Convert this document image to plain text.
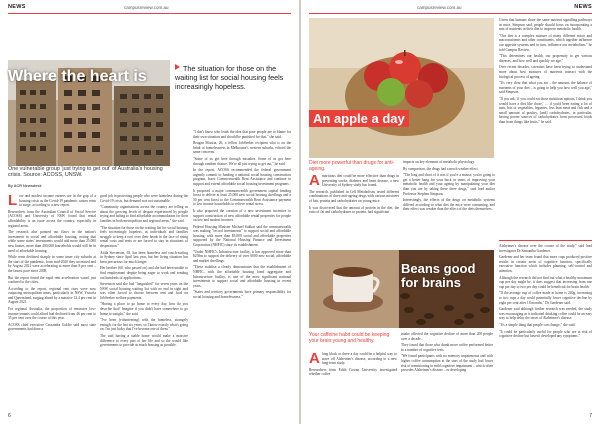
NEWS	campusreview.com.au
Where the heart is
One vulnerable group 'just trying to get out' of Australia's housing crisis. Source: ACOSS, UNSW.
By ACR Newsdesk
The situation for those on the waiting list for social housing feels increasingly hopeless.

Low and modest income earners are in the grip of a housing crisis as the Covid-19 pandemic causes rents to surge, according to a new report.

Researchers from the Australian Council of Social Service (ACOSS) and University of NSW found that rental affordability is an issue across the country, especially in regional areas.

The research also pointed out flaws in the nation's investment in social and affordable housing, noting that while some states' investments would add more than 25,000 new homes, more than 400,000 households would still be in need of affordable housing.

While rents declined sharply in some inner city suburbs at the start of the pandemic, from mid-2020 they increased and by August 2021 were accelerating at more than 8 per cent – the fastest pace since 2008.

But the report found the rapid rent acceleration wasn't just confined to the cities.

According to the report, regional rent rises were now outpacing metropolitan areas, particularly in NSW, Victoria and Queensland, surging ahead by a massive 12.4 per cent in August 2021.

For regional Australia, the proportion of tenancies low-income tenants could afford had declined from 46 per cent to 35 per cent over the course of this year.

ACOSS chief executive Cassandra Goldie said most state governments had done a

good job in protecting people who were homeless during the Covid-19 crisis, but demand was not sustainable.

"Community organisations across the country are telling us about the growing levels of despair experienced by people trying and failing to find affordable accommodation for their families in both metropolitan and regional areas," she said.

"The situation for those on the waiting list for social housing feels increasingly hopeless, as individuals and families struggle to keep a roof over their heads in the face of rising rental costs and rents or are forced to stay in situations of desperation."

Attila Stevenson, 65, has been homeless and couch-surfing in Sydney since April last year, but her living situation has been precarious for much longer.

Her brother (60, who passed on) and she had been unable to find employment despite being eager to work and sending out hundreds of applications.

Stevenson said she had "languished" for seven years on the NSW social housing waiting list with no end in sight and was often forced to choose between rent and food on JobSeeker welfare payments.

"Having a place to go home to every day, how do you describe that? Imagine if you didn't have somewhere to go home to tonight," she said.

"I've been [volunteering] with the homeless, strangely enough, for the last six years, so I know exactly what's going on. I'm just lucky that I've become one of them."

The said having a stable home would make a massive difference to every part of her life and so the would like governments to provide as much housing as possible.

"I don't know who leads the idea that poor people are to blame for their own situation and should be punished for that," she said.

Reagan Mozzia, 26, a fellow JobSeeker recipient who is on the brink of homelessness in Melbourne's western suburbs, echoed the same concerns.

"Some of us got here through mistakes. Some of us got here through random chance. We're all just trying to get out," he said.

In the report, ACOSS recommended the federal government urgently commit to funding a national social housing construction program, boost Commonwealth Rent Assistance and continue to support and extend affordable social housing investment programs.

It proposed a major commonwealth government capital funding boost to deliver at least 25,000 new social housing dwellings and a 50 per cent boost to the Commonwealth Rent Assistance payment to low income households to relieve rental stress.

It also proposed the creation of a new investment incentive to support construction of new affordable rental properties for people on low and modest incomes.

Federal Housing Minister Michael Sukkar said the commonwealth was making "record investments" to support social and affordable housing, with more than $5,000 social and affordable properties supported by the National Housing Finance and Investment Corporation (NHFIC) since its establishment.

"Under NHFIC's Infrastructure facility, it has approved more than $250m to support the delivery of over 6000 new social, affordable and market dwellings.

"These stabilise a clearly demonstrates that the establishment of NHFIC, with the affordable housing bond aggregator and Infrastructure facility, is one of the most significant national investments to support social and affordable housing in recent years.

"States and territory governments have primary responsibility for social housing and homelessness."

6
campusreview.com.au	NEWS
An apple a day
Diet more powerful than drugs for anti-ageing.

A nutritious diet could be more effective than drugs in preventing stroke, diabetes and heart disease, a new University of Sydney study has found.

The research, published in Cell Metabolism, tested different combinations of three anti-ageing drugs with various mixtures of fats, protein and carbohydrates on young mice.

It was discovered that the amount of protein in the diet, the ratio of fat and carbohydrates to protein, had significant

impacts on key elements of metabolic physiology.

By comparison, the drugs had a much weaker effect.

"The long and short of it was if you're a mouse, you're going to get a better bang for your buck in terms of improving your metabolic health and your ageing by manipulating your diet than you are by taking these three drugs," said lead author Professor Stephen Simpson.

Interestingly, the effects of the drugs on metabolic systems differed according to what diet the mice were consuming, and their effect was weaker than the effect of the diets themselves.

Given that humans share the same nutrient signalling pathways as mice, Simpson said, people should focus on incorporating a mix of nutrients in their diet to improve metabolic health.

"Our diet is a complex mixture of many different micro and macronutrients and other constituents, which together influence our appetite systems and in turn, influence our metabolism," he told Campus Review.

"This determines our health, our propensity to get various diseases, and how well and quickly we age."

Over recent decades, scientists have been trying to understand more about how mixtures of nutrients interact with the biological process of ageing.

"It's very clear that what you eat – the amount, the balance of nutrients of your diet – is going to help you how well you age," said Simpson.

"If you ask, 'if you could eat those nutritious options, I think you would have a diet like those,' … if you'd been eating a lot of nuts, lots of vegetables, legumes, less lean meat and fish and a small amount of poultry, [and] carbohydrates, in particular, having poorer sources of carbohydrates from processed foods than from things like fruits," he said.

Beans good for brains
Your caffeine habit could be keeping your brain young and healthy.

A long black or three a day could be a helpful way to stave off Alzheimer's disease, according to a new long-term study.

Researchers from Edith Cowan University investigated whether coffee

intake affected the cognitive decline of more than 200 people over a decade.

They found that those who drank more coffee performed better in a number of cognitive tests.

"We found participants with no memory impairments and with higher coffee consumption at the start of the study had lower risk of transitioning to mild cognitive impairment – which often precedes Alzheimer's disease – or developing

Alzheimer's disease over the course of the study," said lead investigator Dr Samantha Gardener.

Gardener and her team found that more cups produced positive results in certain areas of cognitive function, specifically executive function which includes planning, self-control and attention.

Although the research did not find out what a healthy maximum cup per day might be, it does suggest that increasing from one cup per day to two per day could be beneficial for brain health.

"If the average cup of coffee made at home is 240g, increasing to two cups a day could potentially lower cognitive decline by eight per cent after 18 months," Dr Gardener said.

Gardener said although further research was needed, the study was encouraging as it indicated drinking coffee could be an easy way to help delay the onset of Alzheimer's disease.

"It's a simple thing that people can change," she said.

"It could be particularly useful for people who are at risk of cognitive decline but haven't developed any symptoms."

7
